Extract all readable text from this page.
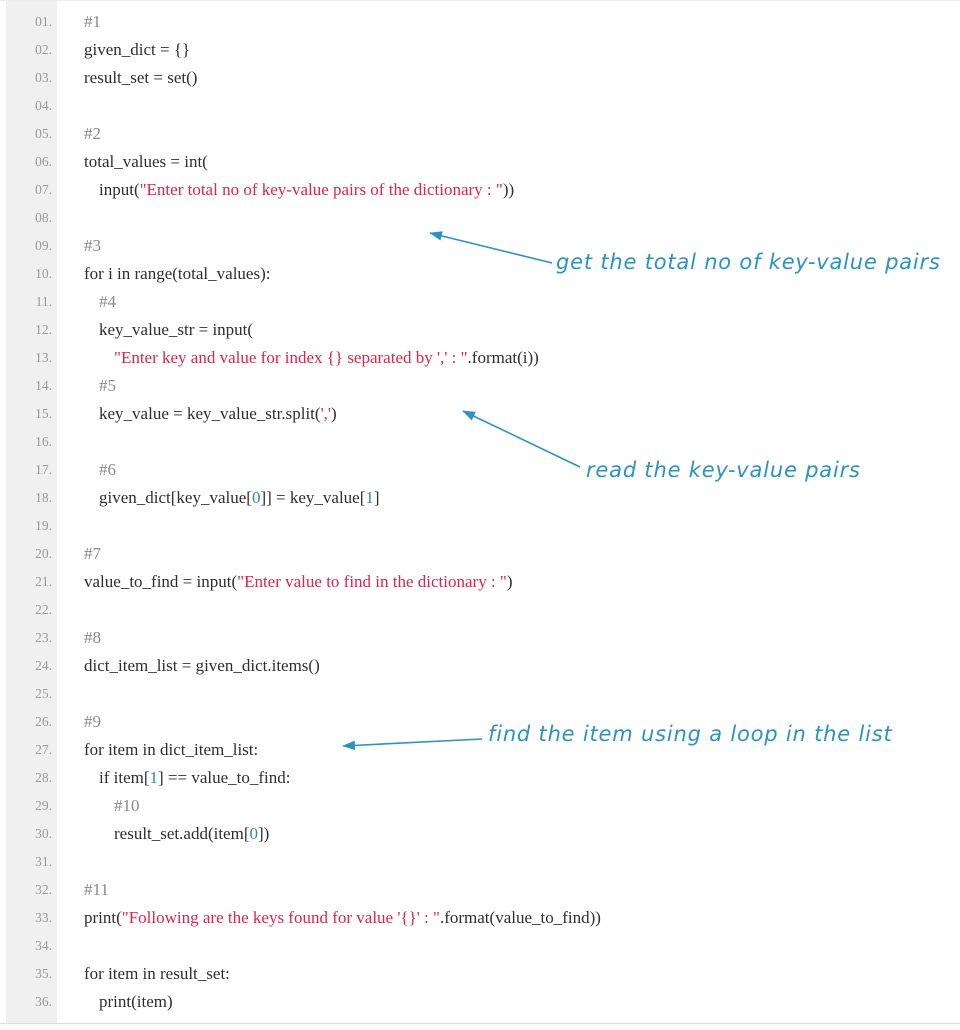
01.	#1
02.	given_dict = {}
03.	result_set = set()
04.
05.	#2
06.	total_values = int(
07.	input("Enter total no of key-value pairs of the dictionary : "))
08.
09.	#3
10.	for i in range(total_values):
11.	#4
12.	key_value_str = input(
13.	"Enter key and value for index {} separated by ',' : ".format(i))
14.	#5
15.	key_value = key_value_str.split(',')
16.
17.	#6
18.	given_dict[key_value[0]] = key_value[1]
19.
20.	#7
21.	value_to_find = input("Enter value to find in the dictionary : ")
22.
23.	#8
24.	dict_item_list = given_dict.items()
25.
26.	#9
27.	for item in dict_item_list:
28.	if item[1] == value_to_find:
29.	#10
30.	result_set.add(item[0])
31.
32.	#11
33.	print("Following are the keys found for value '{}' : ".format(value_to_find))
34.
35.	for item in result_set:
36.	print(item)
get the total no of key-value pairs
read the key-value pairs
find the item using a loop in the list
